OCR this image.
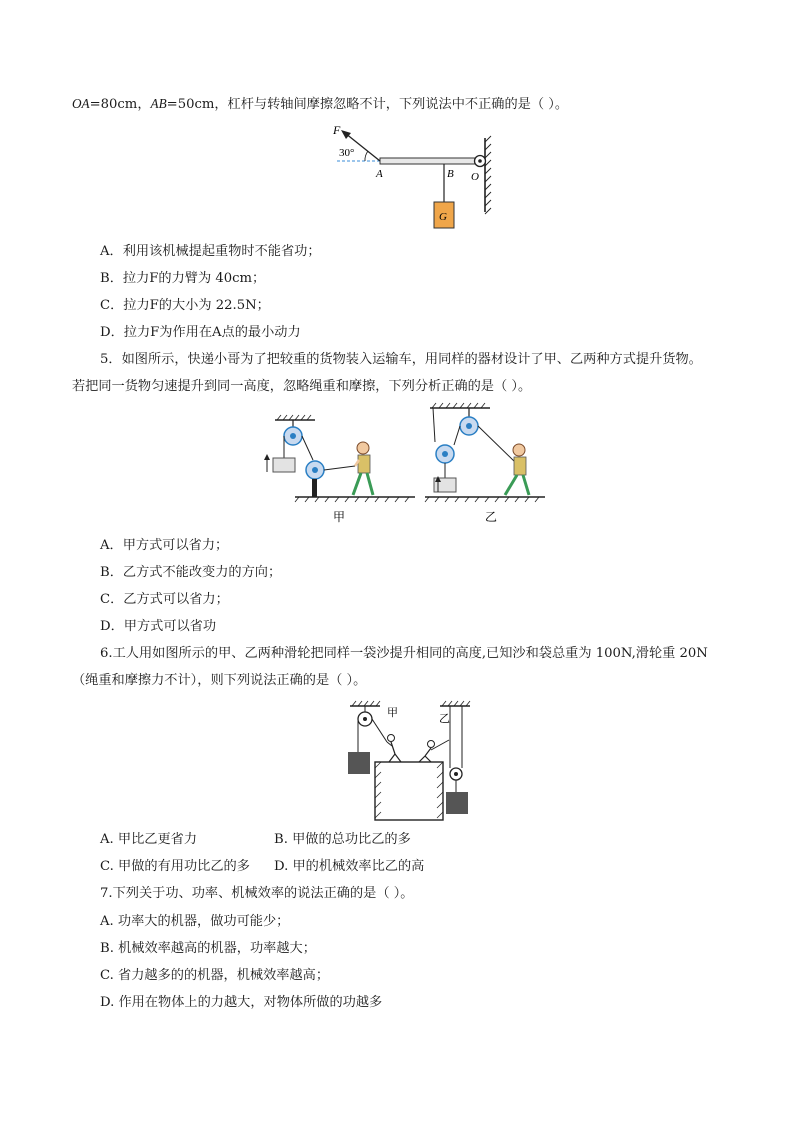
OA=80cm，AB=50cm，杠杆与转轴间摩擦忽略不计，下列说法中不正确的是（ ）。
F
30°
A	B O
G
A．利用该机械提起重物时不能省功；
B．拉力F的力臂为 40cm；
C．拉力F的大小为 22.5N；
D．拉力F为作用在A点的最小动力
5．如图所示，快递小哥为了把较重的货物装入运输车，用同样的器材设计了甲、乙两种方式提升货物。
若把同一货物匀速提升到同一高度，忽略绳重和摩擦，下列分析正确的是（ ）。
甲	乙
A．甲方式可以省力；
B．乙方式不能改变力的方向；
C．乙方式可以省力；
D．甲方式可以省功
6.工人用如图所示的甲、乙两种滑轮把同样一袋沙提升相同的高度,已知沙和袋总重为 100N,滑轮重 20N
（绳重和摩擦力不计），则下列说法正确的是（ ）。
甲	乙
A. 甲比乙更省力	B. 甲做的总功比乙的多
C. 甲做的有用功比乙的多 D. 甲的机械效率比乙的高
7.下列关于功、功率、机械效率的说法正确的是（ ）。
A. 功率大的机器，做功可能少；
B. 机械效率越高的机器，功率越大；
C. 省力越多的的机器，机械效率越高；
D. 作用在物体上的力越大，对物体所做的功越多
